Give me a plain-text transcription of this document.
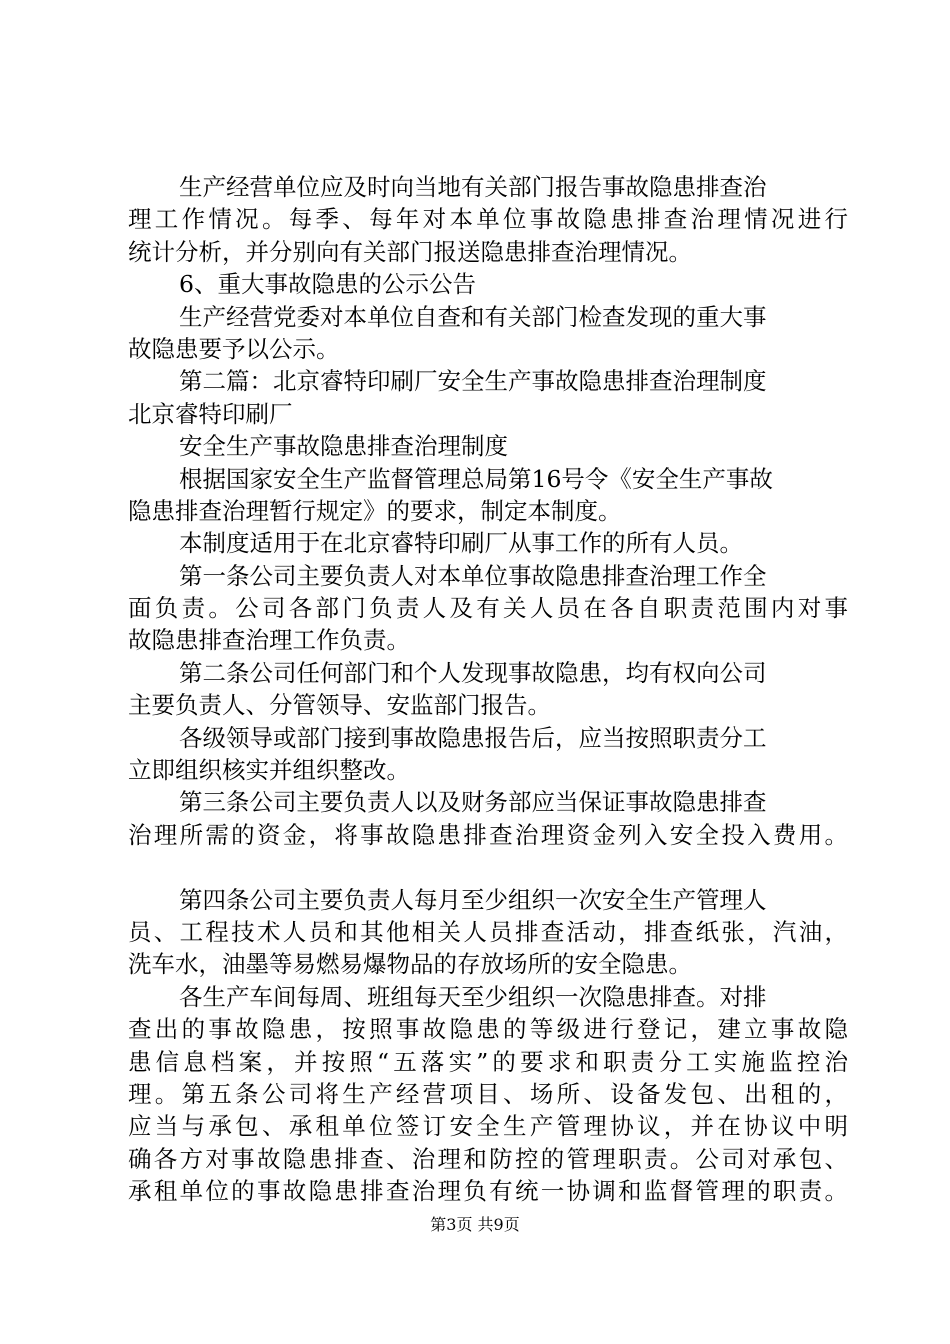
生产经营单位应及时向当地有关部门报告事故隐患排查治
理工作情况。每季、每年对本单位事故隐患排查治理情况进行
统计分析，并分别向有关部门报送隐患排查治理情况。
6、重大事故隐患的公示公告
生产经营党委对本单位自查和有关部门检查发现的重大事
故隐患要予以公示。
第二篇：北京睿特印刷厂安全生产事故隐患排查治理制度
北京睿特印刷厂
安全生产事故隐患排查治理制度
根据国家安全生产监督管理总局第16号令《安全生产事故
隐患排查治理暂行规定》的要求，制定本制度。
本制度适用于在北京睿特印刷厂从事工作的所有人员。
第一条公司主要负责人对本单位事故隐患排查治理工作全
面负责。公司各部门负责人及有关人员在各自职责范围内对事
故隐患排查治理工作负责。
第二条公司任何部门和个人发现事故隐患，均有权向公司
主要负责人、分管领导、安监部门报告。
各级领导或部门接到事故隐患报告后，应当按照职责分工
立即组织核实并组织整改。
第三条公司主要负责人以及财务部应当保证事故隐患排查
治理所需的资金，将事故隐患排查治理资金列入安全投入费用。
第四条公司主要负责人每月至少组织一次安全生产管理人
员、工程技术人员和其他相关人员排查活动，排查纸张，汽油，
洗车水，油墨等易燃易爆物品的存放场所的安全隐患。
各生产车间每周、班组每天至少组织一次隐患排查。对排
查出的事故隐患，按照事故隐患的等级进行登记，建立事故隐
患信息档案，并按照“五落实”的要求和职责分工实施监控治
理。第五条公司将生产经营项目、场所、设备发包、出租的，
应当与承包、承租单位签订安全生产管理协议，并在协议中明
确各方对事故隐患排查、治理和防控的管理职责。公司对承包、
承租单位的事故隐患排查治理负有统一协调和监督管理的职责。
第3页 共9页
